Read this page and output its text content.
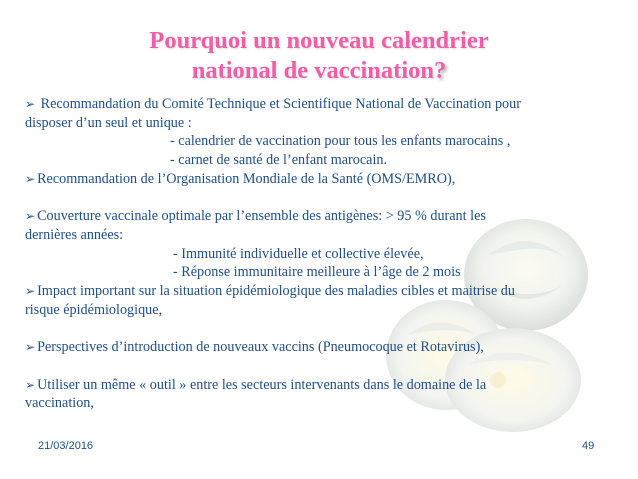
Pourquoi un nouveau calendrier
national de vaccination?
➢ Recommandation du Comité Technique et Scientifique National de Vaccination pour
disposer d’un seul et unique :
- calendrier de vaccination pour tous les enfants marocains ,
- carnet de santé de l’enfant marocain.
➢ Recommandation de l’Organisation Mondiale de la Santé (OMS/EMRO),
➢ Couverture vaccinale optimale par l’ensemble des antigènes: > 95 % durant les
dernières années:
- Immunité individuelle et collective élevée,
- Réponse immunitaire meilleure à l’âge de 2 mois
➢ Impact important sur la situation épidémiologique des maladies cibles et maitrise du
risque épidémiologique,
➢ Perspectives d’introduction de nouveaux vaccins (Pneumocoque et Rotavirus),
➢ Utiliser un même « outil » entre les secteurs intervenants dans le domaine de la
vaccination,
21/03/2016	49
